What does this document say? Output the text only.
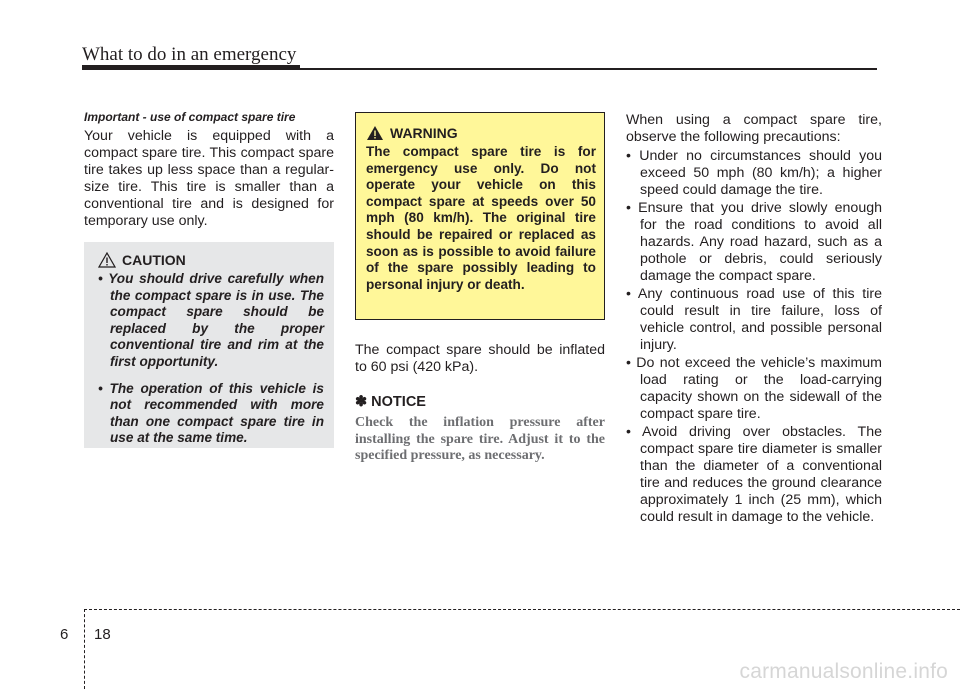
What to do in an emergency
Important - use of compact spare tire

Your vehicle is equipped with a compact spare tire. This compact spare tire takes up less space than a regular-size tire. This tire is smaller than a conventional tire and is designed for temporary use only.

CAUTION
• You should drive carefully when the compact spare is in use. The compact spare should be replaced by the proper conventional tire and rim at the first opportunity.
• The operation of this vehicle is not recommended with more than one compact spare tire in use at the same time.
WARNING

The compact spare tire is for emergency use only. Do not operate your vehicle on this compact spare at speeds over 50 mph (80 km/h). The original tire should be repaired or replaced as soon as is possible to avoid failure of the spare possibly leading to personal injury or death.

The compact spare should be inflated to 60 psi (420 kPa).

✽ NOTICE

Check the inflation pressure after installing the spare tire. Adjust it to the specified pressure, as necessary.

When using a compact spare tire, observe the following precautions:

• Under no circumstances should you exceed 50 mph (80 km/h); a higher speed could damage the tire.
• Ensure that you drive slowly enough for the road conditions to avoid all hazards. Any road hazard, such as a pothole or debris, could seriously damage the compact spare.
• Any continuous road use of this tire could result in tire failure, loss of vehicle control, and possible personal injury.
• Do not exceed the vehicle’s maximum load rating or the load-carrying capacity shown on the sidewall of the compact spare tire.
• Avoid driving over obstacles. The compact spare tire diameter is smaller than the diameter of a conventional tire and reduces the ground clearance approximately 1 inch (25 mm), which could result in damage to the vehicle.
6 18
carmanualsonline.info
